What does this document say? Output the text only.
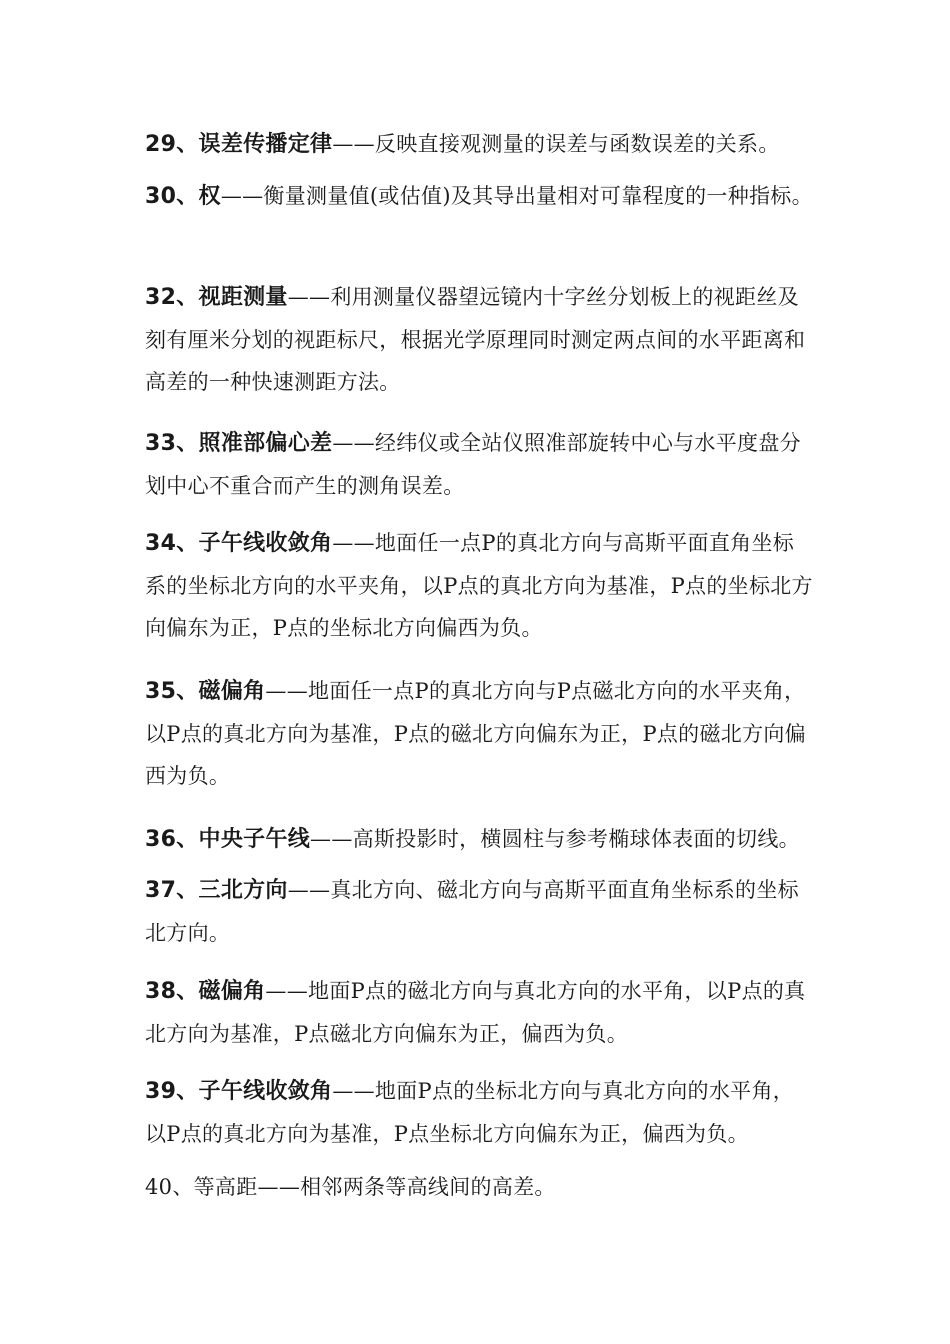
29、误差传播定律——反映直接观测量的误差与函数误差的关系。

30、权——衡量测量值(或估值)及其导出量相对可靠程度的一种指标。

32、视距测量——利用测量仪器望远镜内十字丝分划板上的视距丝及刻有厘米分划的视距标尺，根据光学原理同时测定两点间的水平距离和高差的一种快速测距方法。

33、照准部偏心差——经纬仪或全站仪照准部旋转中心与水平度盘分划中心不重合而产生的测角误差。

34、子午线收敛角——地面任一点P的真北方向与高斯平面直角坐标系的坐标北方向的水平夹角，以P点的真北方向为基准，P点的坐标北方向偏东为正，P点的坐标北方向偏西为负。

35、磁偏角——地面任一点P的真北方向与P点磁北方向的水平夹角，以P点的真北方向为基准，P点的磁北方向偏东为正，P点的磁北方向偏西为负。

36、中央子午线——高斯投影时，横圆柱与参考椭球体表面的切线。

37、三北方向——真北方向、磁北方向与高斯平面直角坐标系的坐标北方向。

38、磁偏角——地面P点的磁北方向与真北方向的水平角，以P点的真北方向为基准，P点磁北方向偏东为正，偏西为负。

39、子午线收敛角——地面P点的坐标北方向与真北方向的水平角，以P点的真北方向为基准，P点坐标北方向偏东为正，偏西为负。

40、等高距——相邻两条等高线间的高差。
